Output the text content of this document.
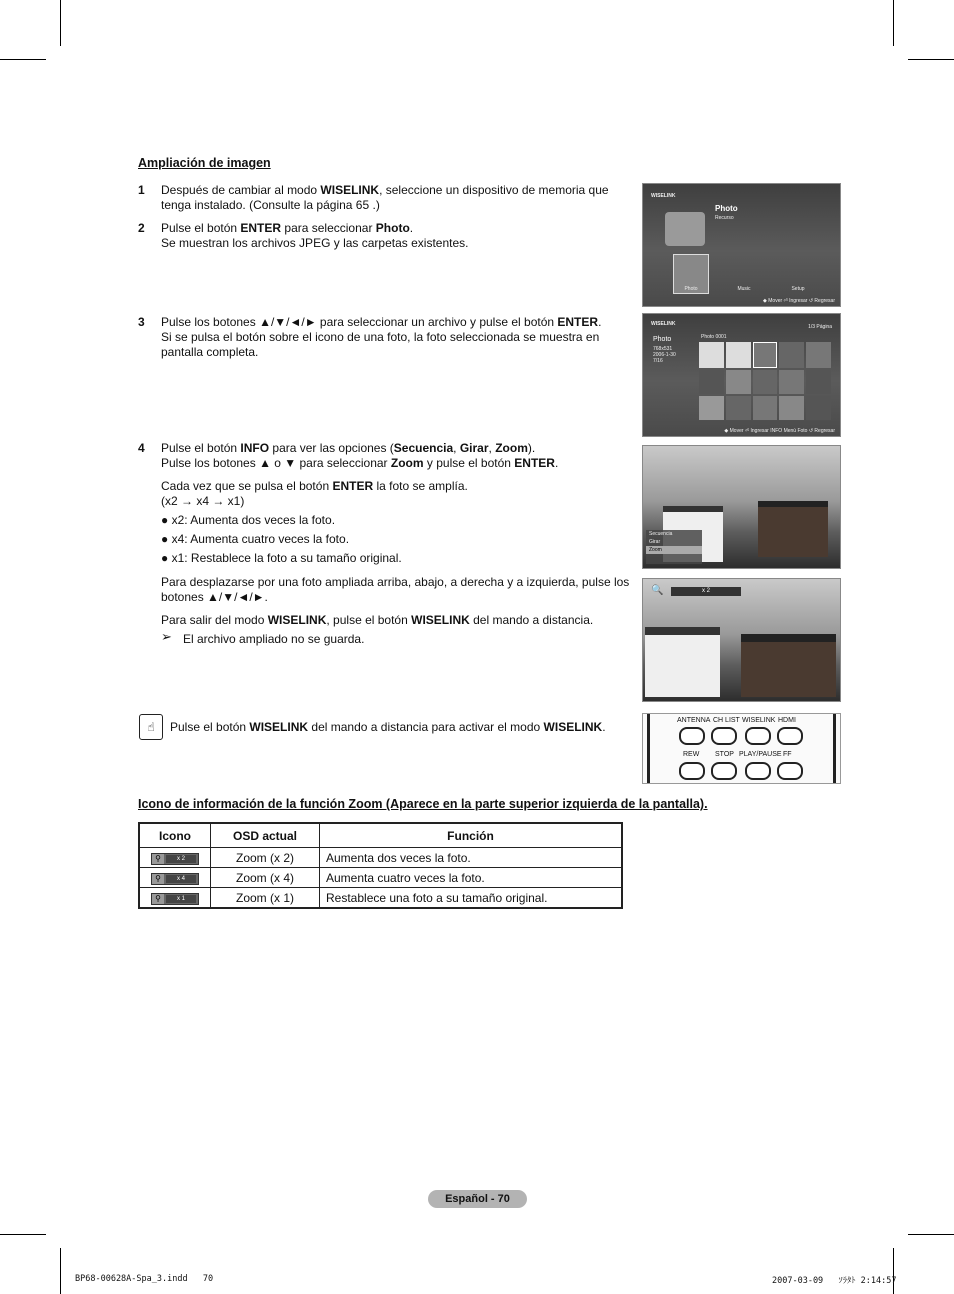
Ampliación de imagen
1 Después de cambiar al modo WISELINK, seleccione un dispositivo de memoria que tenga instalado. (Consulte la página 65 .)
2 Pulse el botón ENTER para seleccionar Photo.
Se muestran los archivos JPEG y las carpetas existentes.
3 Pulse los botones ▲/▼/◄/► para seleccionar un archivo y pulse el botón ENTER.
Si se pulsa el botón sobre el icono de una foto, la foto seleccionada se muestra en pantalla completa.
4 Pulse el botón INFO para ver las opciones (Secuencia, Girar, Zoom).
Pulse los botones ▲ o ▼ para seleccionar Zoom y pulse el botón ENTER.
Cada vez que se pulsa el botón ENTER la foto se amplía.
(x2 → x4 → x1)
● x2: Aumenta dos veces la foto.
● x4: Aumenta cuatro veces la foto.
● x1: Restablece la foto a su tamaño original.
Para desplazarse por una foto ampliada arriba, abajo, a derecha y a izquierda, pulse los botones ▲/▼/◄/►.
Para salir del modo WISELINK, pulse el botón WISELINK del mando a distancia.
➢ El archivo ampliado no se guarda.
WISELINK
Photo
Recurso
Photo	Music	Setup
◆ Mover ⏎ Ingresar ↺ Regresar
WISELINK
Photo
768x531
2006-1-30
7/16
Photo 0001
1/3 Página
◆ Mover ⏎ Ingresar INFO Menú Foto ↺ Regresar
Secuencia
Girar
Zoom
🔍	x 2
☝	Pulse el botón WISELINK del mando a distancia para activar el modo WISELINK.	ANTENNA CH LIST WISELINK HDMI
REW STOP PLAY/PAUSE FF
Icono de información de la función Zoom (Aparece en la parte superior izquierda de la pantalla).
Icono	OSD actual	Función

⚲ x 2	Zoom (x 2)	Aumenta dos veces la foto.

⚲ x 4	Zoom (x 4)	Aumenta cuatro veces la foto.

⚲ x 1	Zoom (x 1)	Restablece una foto a su tamaño original.
Español - 70
BP68-00628A-Spa_3.indd   70	2007-03-09   ｿﾗﾀﾄ 2:14:57
